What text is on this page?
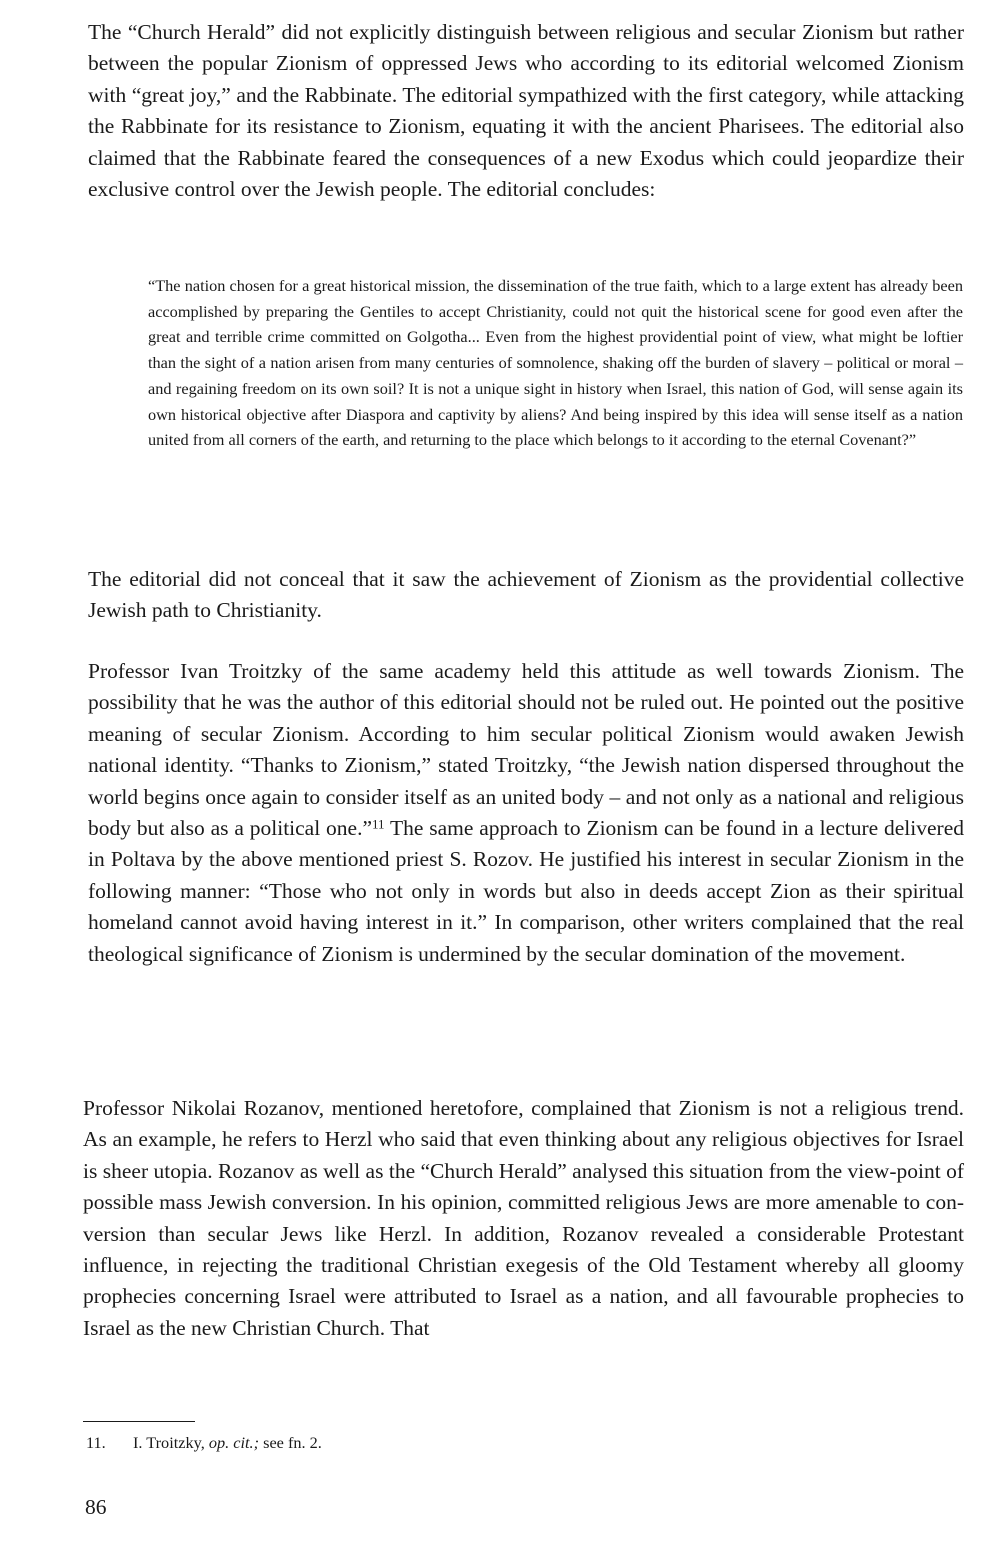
The “Church Herald” did not explicitly distinguish between religious and secular Zionism but rather between the popular Zionism of oppressed Jews who according to its editorial welcomed Zionism with “great joy,” and the Rabbinate. The editorial sympathized with the first category, while attacking the Rabbinate for its resistance to Zionism, equating it with the ancient Pharisees. The editorial also claimed that the Rabbinate feared the consequences of a new Exodus which could jeopardize their exclusive control over the Jewish people. The editorial concludes:

“The nation chosen for a great historical mission, the dissemination of the true faith, which to a large extent has already been accomplished by preparing the Gentiles to accept Christianity, could not quit the historical scene for good even after the great and terrible crime committed on Golgotha... Even from the highest providential point of view, what might be loftier than the sight of a nation arisen from many centuries of somnolence, shaking off the burden of slavery – political or moral – and regaining freedom on its own soil? It is not a unique sight in history when Israel, this nation of God, will sense again its own historical objective after Diaspora and captivity by aliens? And being inspired by this idea will sense itself as a nation united from all corners of the earth, and returning to the place which belongs to it according to the eternal Covenant?”

The editorial did not conceal that it saw the achievement of Zionism as the providential collective Jewish path to Christianity.

Professor Ivan Troitzky of the same academy held this attitude as well towards Zionism. The possibility that he was the author of this editorial should not be ruled out. He pointed out the positive meaning of secular Zionism. According to him secular political Zionism would awaken Jewish national identity. “Thanks to Zionism,” stated Troitzky, “the Jewish nation dispersed throughout the world begins once again to consider itself as an united body – and not only as a national and religious body but also as a political one.”$^{11}$ The same approach to Zionism can be found in a lecture delivered in Poltava by the above mentioned priest S. Rozov. He justified his interest in secular Zionism in the following manner: “Those who not only in words but also in deeds accept Zion as their spiritual homeland cannot avoid having interest in it.” In comparison, other writers complained that the real theological significance of Zionism is undermined by the secular domination of the movement.

Professor Nikolai Rozanov, mentioned heretofore, complained that Zionism is not a religious trend. As an example, he refers to Herzl who said that even thinking about any religious objectives for Israel is sheer utopia. Rozanov as well as the “Church Herald” analysed this situation from the view-point of possible mass Jewish conversion. In his opinion, committed religious Jews are more amenable to conversion than secular Jews like Herzl. In addition, Rozanov revealed a considerable Protestant influence, in rejecting the traditional Christian exegesis of the Old Testament whereby all gloomy prophecies concerning Israel were attributed to Israel as a nation, and all favourable prophecies to Israel as the new Christian Church. That

11. I. Troitzky, op. cit.; see fn. 2.
86
